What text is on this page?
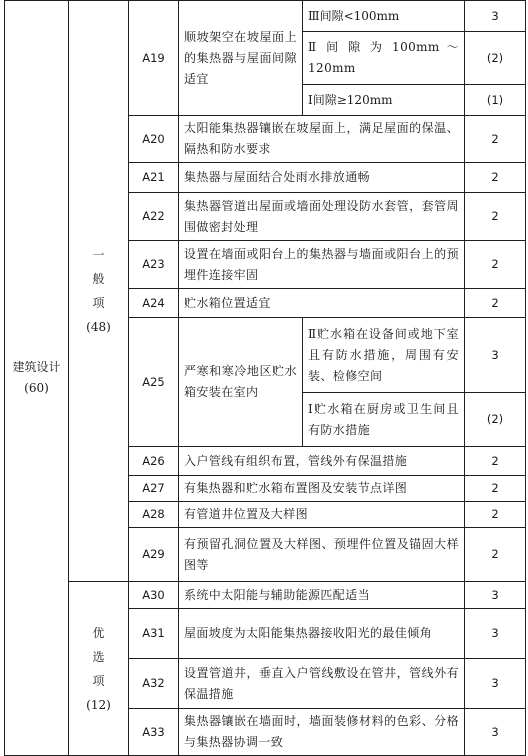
建筑设计
(60)	一
般
项
(48)	A19	顺坡架空在坡屋面上的集热器与屋面间隙适宜	Ⅲ间隙<100mm	3
				Ⅱ 间 隙 为 100mm ～120mm	(2)
				Ⅰ间隙≥120mm	(1)
		A20	太阳能集热器镶嵌在坡屋面上，满足屋面的保温、隔热和防水要求		2
		A21	集热器与屋面结合处雨水排放通畅		2
		A22	集热器管道出屋面或墙面处理设防水套管，套管周围做密封处理		2
		A23	设置在墙面或阳台上的集热器与墙面或阳台上的预埋件连接牢固		2
		A24	贮水箱位置适宜		2
		A25	严寒和寒冷地区贮水箱安装在室内	Ⅱ贮水箱在设备间或地下室且有防水措施，周围有安装、检修空间	3
				Ⅰ贮水箱在厨房或卫生间且有防水措施	(2)
		A26	入户管线有组织布置，管线外有保温措施		2
		A27	有集热器和贮水箱布置图及安装节点详图		2
		A28	有管道井位置及大样图		2
		A29	有预留孔洞位置及大样图、预埋件位置及锚固大样图等		2

	优
选
项
(12)	A30	系统中太阳能与辅助能源匹配适当		3
		A31	屋面坡度为太阳能集热器接收阳光的最佳倾角		3
		A32	设置管道井，垂直入户管线敷设在管井，管线外有保温措施		3
		A33	集热器镶嵌在墙面时，墙面装修材料的色彩、分格与集热器协调一致		3
